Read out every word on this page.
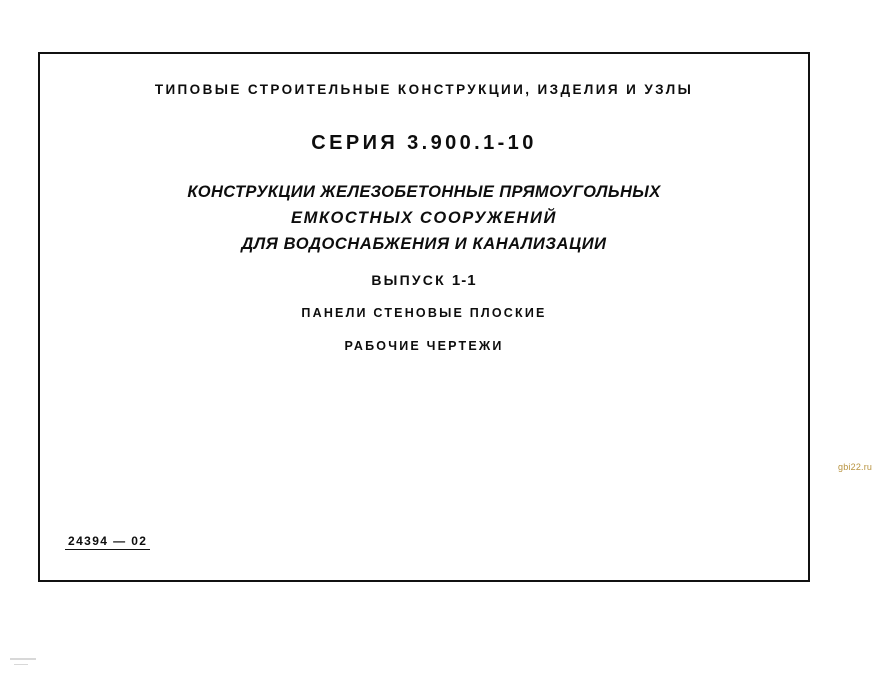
ТИПОВЫЕ СТРОИТЕЛЬНЫЕ КОНСТРУКЦИИ, ИЗДЕЛИЯ И УЗЛЫ
СЕРИЯ 3.900.1-10
КОНСТРУКЦИИ ЖЕЛЕЗОБЕТОННЫЕ ПРЯМОУГОЛЬНЫХ
ЕМКОСТНЫХ СООРУЖЕНИЙ
ДЛЯ ВОДОСНАБЖЕНИЯ И КАНАЛИЗАЦИИ
ВЫПУСК 1-1
ПАНЕЛИ СТЕНОВЫЕ ПЛОСКИЕ
РАБОЧИЕ ЧЕРТЕЖИ
24394 — 02
gbi22.ru
